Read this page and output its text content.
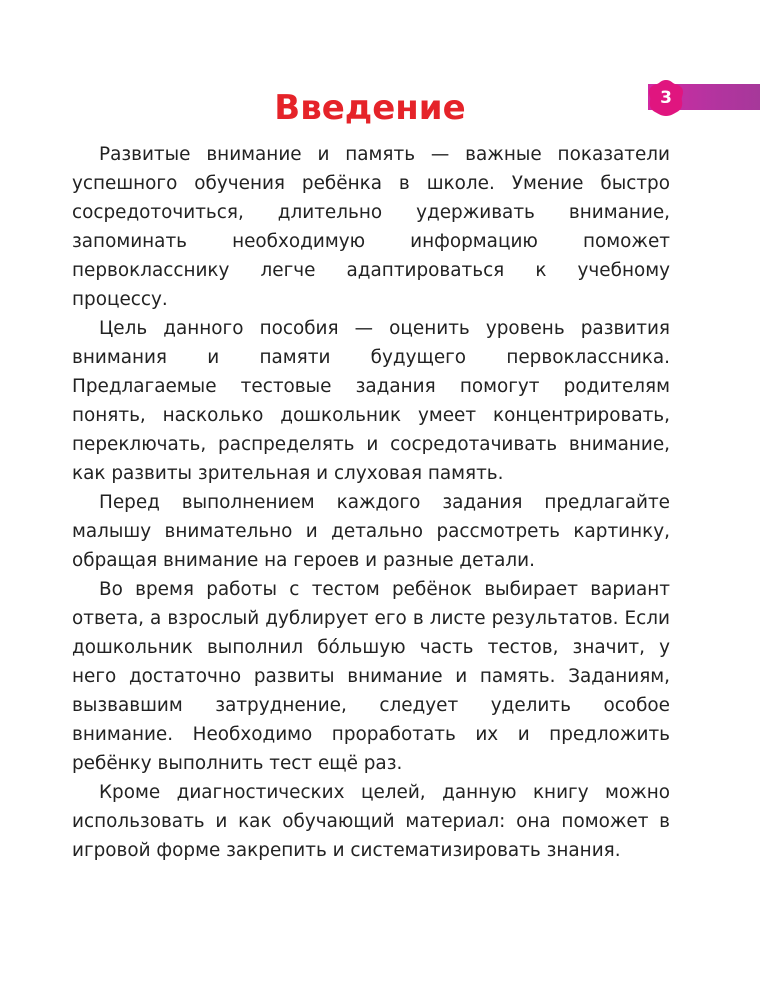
3
Введение

Развитые внимание и память — важные показатели успешного обучения ребёнка в школе. Умение быстро сосредоточиться, длительно удерживать внимание, запоминать необходимую информацию поможет первокласснику легче адаптироваться к учебному процессу.

Цель данного пособия — оценить уровень развития внимания и памяти будущего первоклассника. Предлагаемые тестовые задания помогут родителям понять, насколько дошкольник умеет концентрировать, переключать, распределять и сосредотачивать внимание, как развиты зрительная и слуховая память.

Перед выполнением каждого задания предлагайте малышу внимательно и детально рассмотреть картинку, обращая внимание на героев и разные детали.

Во время работы с тестом ребёнок выбирает вариант ответа, а взрослый дублирует его в листе результатов. Если дошкольник выполнил бóльшую часть тестов, значит, у него достаточно развиты внимание и память. Заданиям, вызвавшим затруднение, следует уделить особое внимание. Необходимо проработать их и предложить ребёнку выполнить тест ещё раз.

Кроме диагностических целей, данную книгу можно использовать и как обучающий материал: она поможет в игровой форме закрепить и систематизировать знания.
